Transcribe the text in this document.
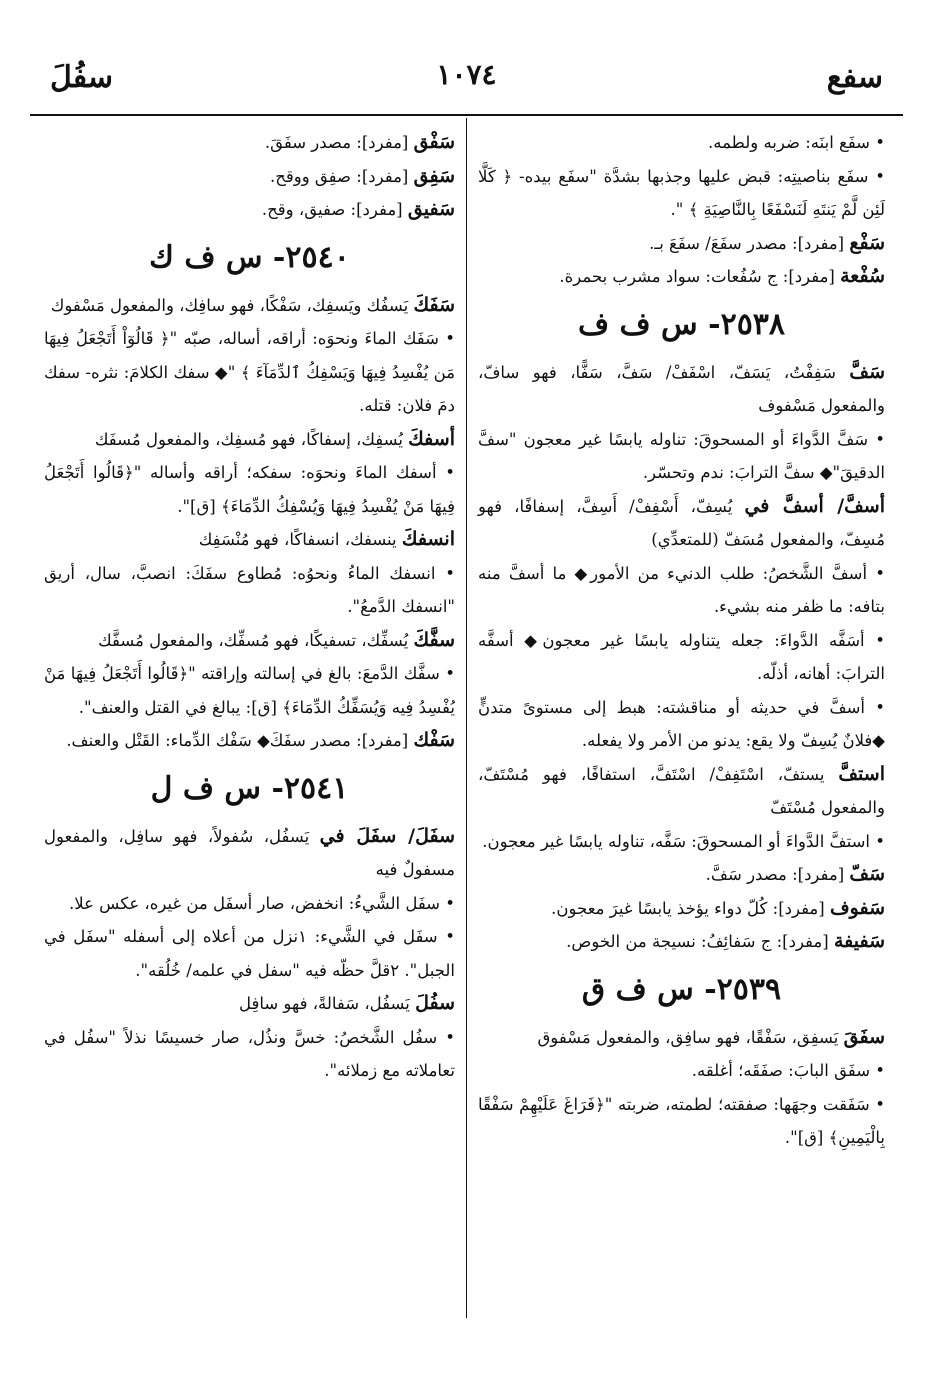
سفع
١٠٧٤
سفُلَ

• سفَع ابنَه: ضربه ولطمه.

• سفَع بناصيتِه: قبض عليها وجذبها بشدَّة "سفَع بيده- ﴿ كَلَّا لَئِن لَّمْ يَنتَهِ لَنَسْفَعًا بِالنَّاصِيَةِ ﴾ ".

سَفْع [مفرد]: مصدر سفَعَ/ سفَعَ بـ.

سُفْعة [مفرد]: ج سُفُعات: سواد مشرب بحمرة.

٢٥٣٨- س ف ف

سَفَّ سَفِفْتُ، يَسَفّ، اسْفَفْ/ سَفَّ، سَفًّا، فهو سافّ، والمفعول مَسْفوف

• سَفَّ الدَّواءَ أو المسحوقَ: تناوله يابسًا غير معجون "سفَّ الدقيقَ"◆ سفَّ الترابَ: ندم وتحسّر.

أسفَّ/ أسفَّ في يُسِفّ، أَسْفِفْ/ أَسِفَّ، إسفافًا، فهو مُسِفّ، والمفعول مُسَفّ (للمتعدِّي)

• أسفَّ الشَّخصُ: طلب الدنيء من الأمور◆ ما أسفَّ منه بتافه: ما ظفر منه بشيء.

• أسَفَّه الدَّواءَ: جعله يتناوله يابسًا غير معجون◆ أسفَّه الترابَ: أهانه، أذلّه.

• أسفَّ في حديثه أو مناقشته: هبط إلى مستوىً متدنٍّ ◆فلانٌ يُسِفّ ولا يقع: يدنو من الأمر ولا يفعله.

استفَّ يستفّ، اسْتَفِفْ/ اسْتَفَّ، استفافًا، فهو مُسْتَفّ، والمفعول مُسْتَفّ

• استفَّ الدَّواءَ أو المسحوقَ: سَفَّه، تناوله يابسًا غير معجون.

سَفّ [مفرد]: مصدر سَفَّ.

سَفوف [مفرد]: كُلّ دواء يؤخذ يابسًا غيرَ معجون.

سَفيفة [مفرد]: ج سَفائِفُ: نسيجة من الخوص.

٢٥٣٩- س ف ق

سفَقَ يَسفِق، سَفْقًا، فهو سافِق، والمفعول مَسْفوق

• سفَق البابَ: صفَقَه؛ أغلقه.

• سَفَقت وجهَها: صفقته؛ لطمته، ضربته "﴿فَرَاغَ عَلَيْهِمْ سَفْقًا بِالْيَمِينِ﴾ [ق]".

سَفْق [مفرد]: مصدر سفَقَ.

سَفِق [مفرد]: صفِق ووقح.

سَفيق [مفرد]: صفيق، وقح.

٢٥٤٠- س ف ك

سَفَكَ يَسفُك ويَسفِك، سَفْكًا، فهو سافِك، والمفعول مَسْفوك

• سَفَك الماءَ ونحوَه: أراقه، أساله، صبّه "﴿ قَالُوٓاْ أَتَجْعَلُ فِيهَا مَن يُفْسِدُ فِيهَا وَيَسْفِكُ ٱلدِّمَآءَ ﴾ "◆ سفك الكلامَ: نثره- سفك دمَ فلان: قتله.

أسفكَ يُسفِك، إسفاكًا، فهو مُسفِك، والمفعول مُسفَك

• أسفك الماءَ ونحوَه: سفكه؛ أراقه وأساله "﴿قَالُوا أَتَجْعَلُ فِيهَا مَنْ يُفْسِدُ فِيهَا وَيُسْفِكُ الدِّمَاءَ﴾ [ق]".

انسفكَ ينسفك، انسفاكًا، فهو مُنْسَفِك

• انسفك الماءُ ونحوُه: مُطاوع سفَكَ: انصبَّ، سال، أريق "انسفك الدَّمعُ".

سفَّكَ يُسفِّك، تسفيكًا، فهو مُسفِّك، والمفعول مُسفَّك

• سفَّك الدَّمعَ: بالغ في إسالته وإراقته "﴿قَالُوا أَتَجْعَلُ فِيهَا مَنْ يُفْسِدُ فِيه وَيُسَفِّكُ الدِّمَاءَ﴾ [ق]: يبالغ في القتل والعنف".

سَفْك [مفرد]: مصدر سفَكَ◆ سَفْك الدِّماء: القَتْل والعنف.

٢٥٤١- س ف ل

سفَلَ/ سفَلَ في يَسفُل، سُفولاً، فهو سافِل، والمفعول مسفولٌ فيه

• سفَل الشَّيءُ: انخفض، صار أسفَل من غيره، عكس علا.

• سفَل في الشَّيء: ١نزل من أعلاه إلى أسفله "سفَل في الجبل". ٢قلَّ حظّه فيه "سفل في علمه/ خُلُقه".

سفُلَ يَسفُل، سَفالةً، فهو سافِل

• سفُل الشَّخصُ: خسَّ ونذُل، صار خسيسًا نذلاً "سفُل في تعاملاته مع زملائه".
